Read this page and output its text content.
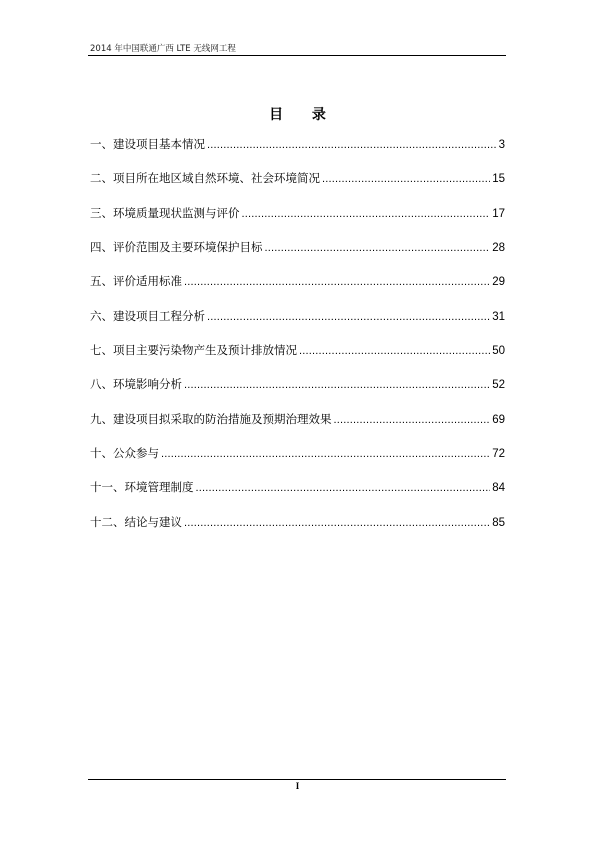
2014 年中国联通广西 LTE 无线网工程
目 录
一、建设项目基本情况 .....	3
二、项目所在地区域自然环境、社会环境简况 .....	15
三、环境质量现状监测与评价 .....	17
四、评价范围及主要环境保护目标 .....	28
五、评价适用标准 .....	29
六、建设项目工程分析 .....	31
七、项目主要污染物产生及预计排放情况 .....	50
八、环境影响分析 .....	52
九、建设项目拟采取的防治措施及预期治理效果 .....	69
十、公众参与 .....	72
十一、环境管理制度 .....	84
十二、结论与建议 .....	85
I
